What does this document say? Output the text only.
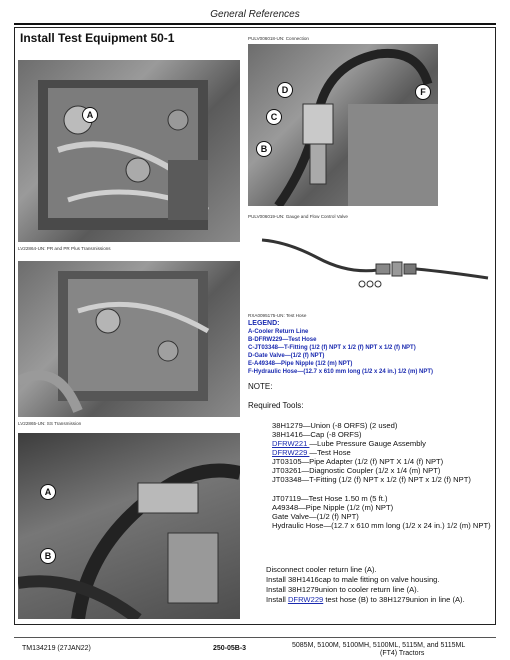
General References
Install Test Equipment 50-1
A
LV22864-UN: PR and PR Plus Transmissions
LV22865-UN: SS Transmission
A
B
PULV006018-UN: Connection
D
C
B
F
PULV006019-UN: Gauge and Flow Control Valve
RXA0095175-UN: Test Hose
LEGEND:
A-Cooler Return Line
B-DFRW229—Test Hose
C-JT03348—T-Fitting (1/2 (f) NPT x 1/2 (f) NPT x 1/2 (f) NPT)
D-Gate Valve—(1/2 (f) NPT)
E-A49348—Pipe Nipple (1/2 (m) NPT)
F-Hydraulic Hose—(12.7 x 610 mm long (1/2 x 24 in.) 1/2 (m) NPT)
NOTE:
Required Tools:
38H1279—Union (-8 ORFS) (2 used)
38H1416—Cap (-8 ORFS)
DFRW221 —Lube Pressure Gauge Assembly
DFRW229 —Test Hose
JT03105—Pipe Adapter (1/2 (f) NPT X 1/4 (f) NPT)
JT03261—Diagnostic Coupler (1/2 x 1/4 (m) NPT)
JT03348—T-Fitting (1/2 (f) NPT x 1/2 (f) NPT x 1/2 (f) NPT)
JT07119—Test Hose 1.50 m (5 ft.)
A49348—Pipe Nipple (1/2 (m) NPT)
Gate Valve—(1/2 (f) NPT)
Hydraulic Hose—(12.7 x 610 mm long (1/2 x 24 in.) 1/2 (m) NPT)
Disconnect cooler return line (A).
Install 38H1416cap to male fitting on valve housing.
Install 38H1279union to cooler return line (A).
Install DFRW229 test hose (B) to 38H1279union in line (A).
TM134219 (27JAN22)	250-05B-3	5085M, 5100M, 5100MH, 5100ML, 5115M, and 5115ML
(FT4) Tractors
